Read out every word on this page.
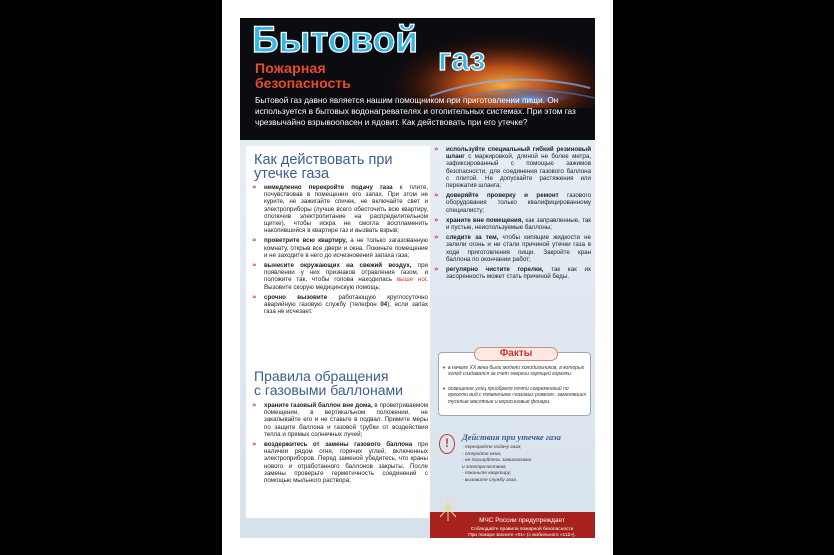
Бытовой газ
Пожарная
безопасность
Бытовой газ давно является нашим помощником при приготовлении пищи. Он используется в бытовых водонагревателях и отопительных системах. При этом газ чрезвычайно взрывоопасен и ядовит. Как действовать при его утечке?
Как действовать при
утечке газа
» немедленно перекройте подачу газа к плите, почувствовав в помещении его запах. При этом не курите, не зажигайте спичек, не включайте свет и электроприборы (лучше всего обесточить всю квартиру, отключив электропитание на распределительном щитке), чтобы искра не смогла воспламенить накопившийся в квартире газ и вызвать взрыв;
» проветрите всю квартиру, а не только загазованную комнату, открыв все двери и окна. Покиньте помещение и не заходите в него до исчезновения запаха газа;
» вынесите окружающих на свежий воздух, при появлении у них признаков отравления газом, и положите так, чтобы голова находилась выше ног. Вызовите скорую медицинскую помощь;
» срочно вызовите работающую круглосуточно аварийную газовую службу (телефон 04), если запах газа не исчезает.
Правила обращения
с газовыми баллонами
» храните газовый баллон вне дома, в проветриваемом помещении, в вертикальном положении, не закапывайте его и не ставьте в подвал. Примите меры по защите баллона и газовой трубки от воздействия тепла и прямых солнечных лучей;
» воздержитесь от замены газового баллона при наличии рядом огня, горячих углей, включенных электроприборов. Перед заменой убедитесь, что краны нового и отработанного баллонов закрыты. После замены проверьте герметичность соединений с помощью мыльного раствора;
» используйте специальный гибкий резиновый шланг с маркировкой, длиной не более метра, зафиксированный с помощью зажимов безопасности, для соединения газового баллона с плитой. Не допускайте растяжения или пережатия шланга;
» доверяйте проверку и ремонт газового оборудования только квалифицированному специалисту;
» храните вне помещения, как заправленные, так и пустые, неиспользуемые баллоны;
» следите за тем, чтобы кипящие жидкости не залили огонь и не стали причиной утечки газа в ходе приготовления пищи. Закройте кран баллона по окончании работ;
» регулярно чистите горелки, так как их засоренность может стать причиной беды.
Факты
• в начале XX века были модели холодильников, в которых холод создавался за счет энергии горящей горелки.
• освещение улиц приобрело почти современный по яркости вид с появлением «газовых рожков», заменявших тусклые масляные и керосиновые фонари.
!	Действия при утечке газа
- перекройте подачу газа;
- откройте окна;
- не пользуйтесь зажигалками
и электричеством;
- покиньте квартиру;
- вызовите службу газа.
МЧС России предупреждает
Соблюдайте правила пожарной безопасности
При пожаре звоните «01» (с мобильного «112»).
